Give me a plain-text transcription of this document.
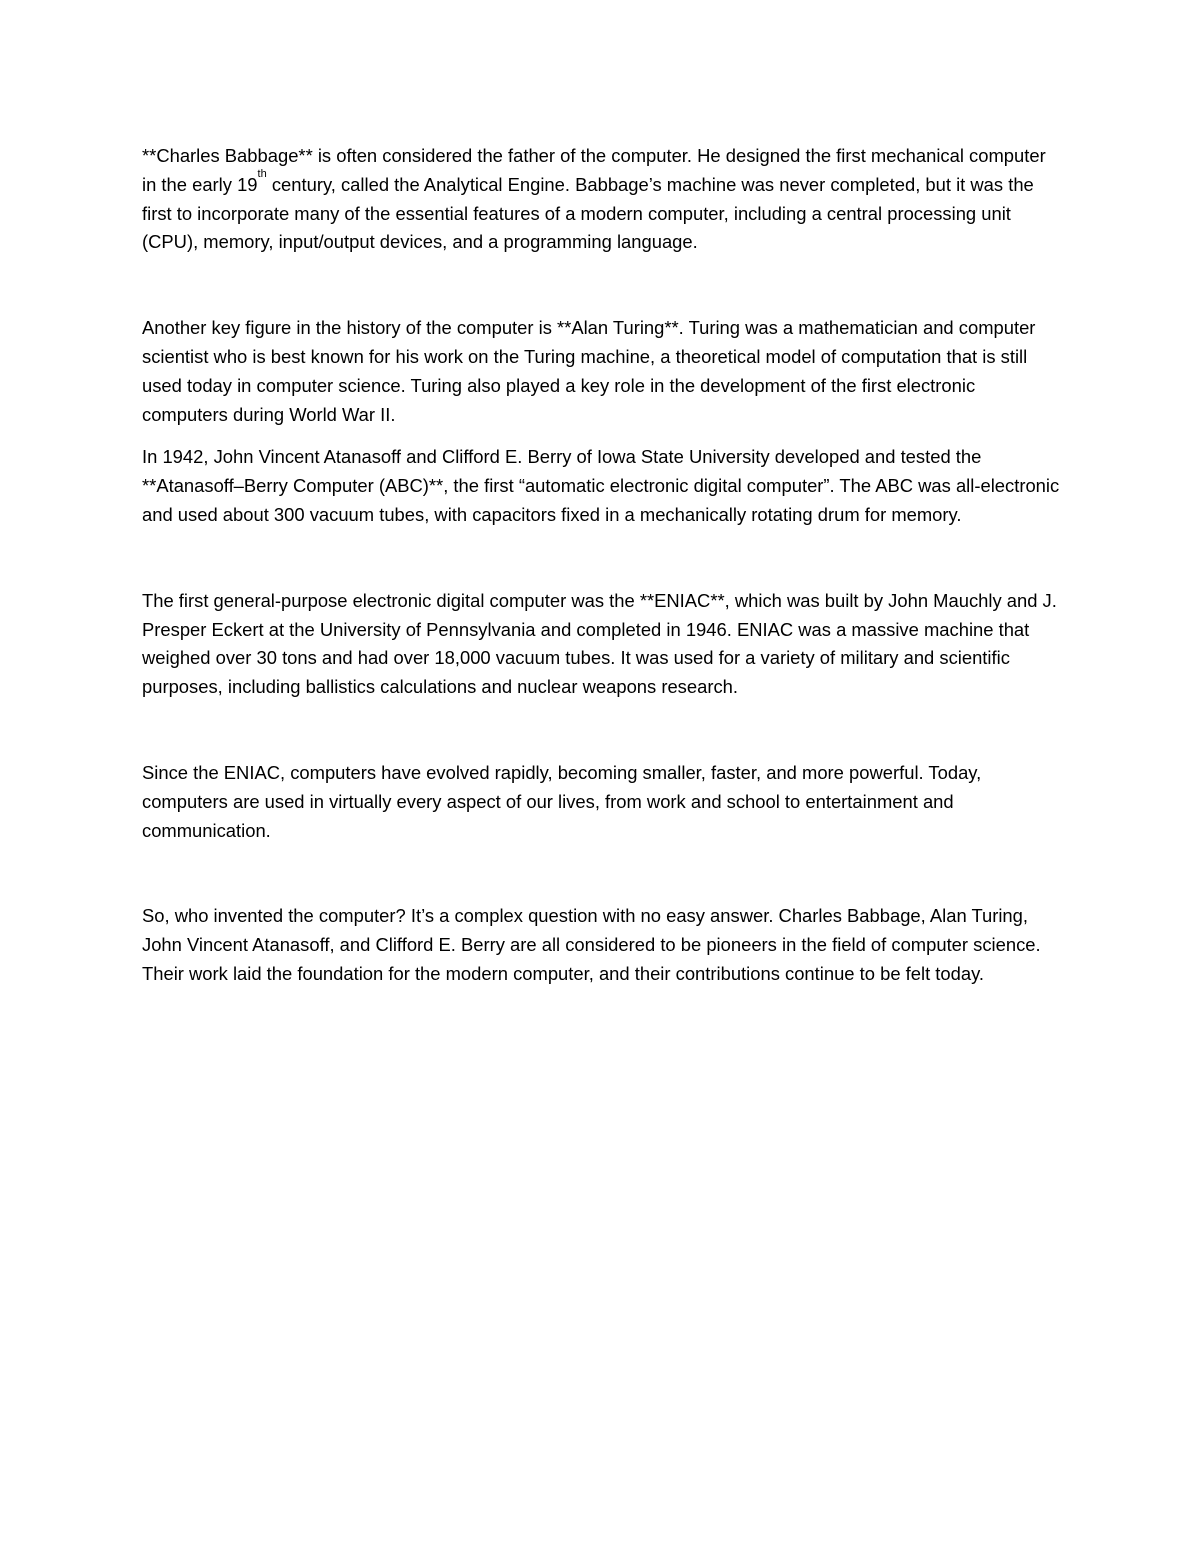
**Charles Babbage** is often considered the father of the computer. He designed the first mechanical computer in the early 19th century, called the Analytical Engine. Babbage’s machine was never completed, but it was the first to incorporate many of the essential features of a modern computer, including a central processing unit (CPU), memory, input/output devices, and a programming language.

Another key figure in the history of the computer is **Alan Turing**. Turing was a mathematician and computer scientist who is best known for his work on the Turing machine, a theoretical model of computation that is still used today in computer science. Turing also played a key role in the development of the first electronic computers during World War II.

In 1942, John Vincent Atanasoff and Clifford E. Berry of Iowa State University developed and tested the **Atanasoff–Berry Computer (ABC)**, the first “automatic electronic digital computer”. The ABC was all-electronic and used about 300 vacuum tubes, with capacitors fixed in a mechanically rotating drum for memory.

The first general-purpose electronic digital computer was the **ENIAC**, which was built by John Mauchly and J. Presper Eckert at the University of Pennsylvania and completed in 1946. ENIAC was a massive machine that weighed over 30 tons and had over 18,000 vacuum tubes. It was used for a variety of military and scientific purposes, including ballistics calculations and nuclear weapons research.

Since the ENIAC, computers have evolved rapidly, becoming smaller, faster, and more powerful. Today, computers are used in virtually every aspect of our lives, from work and school to entertainment and communication.

So, who invented the computer? It’s a complex question with no easy answer. Charles Babbage, Alan Turing, John Vincent Atanasoff, and Clifford E. Berry are all considered to be pioneers in the field of computer science. Their work laid the foundation for the modern computer, and their contributions continue to be felt today.
